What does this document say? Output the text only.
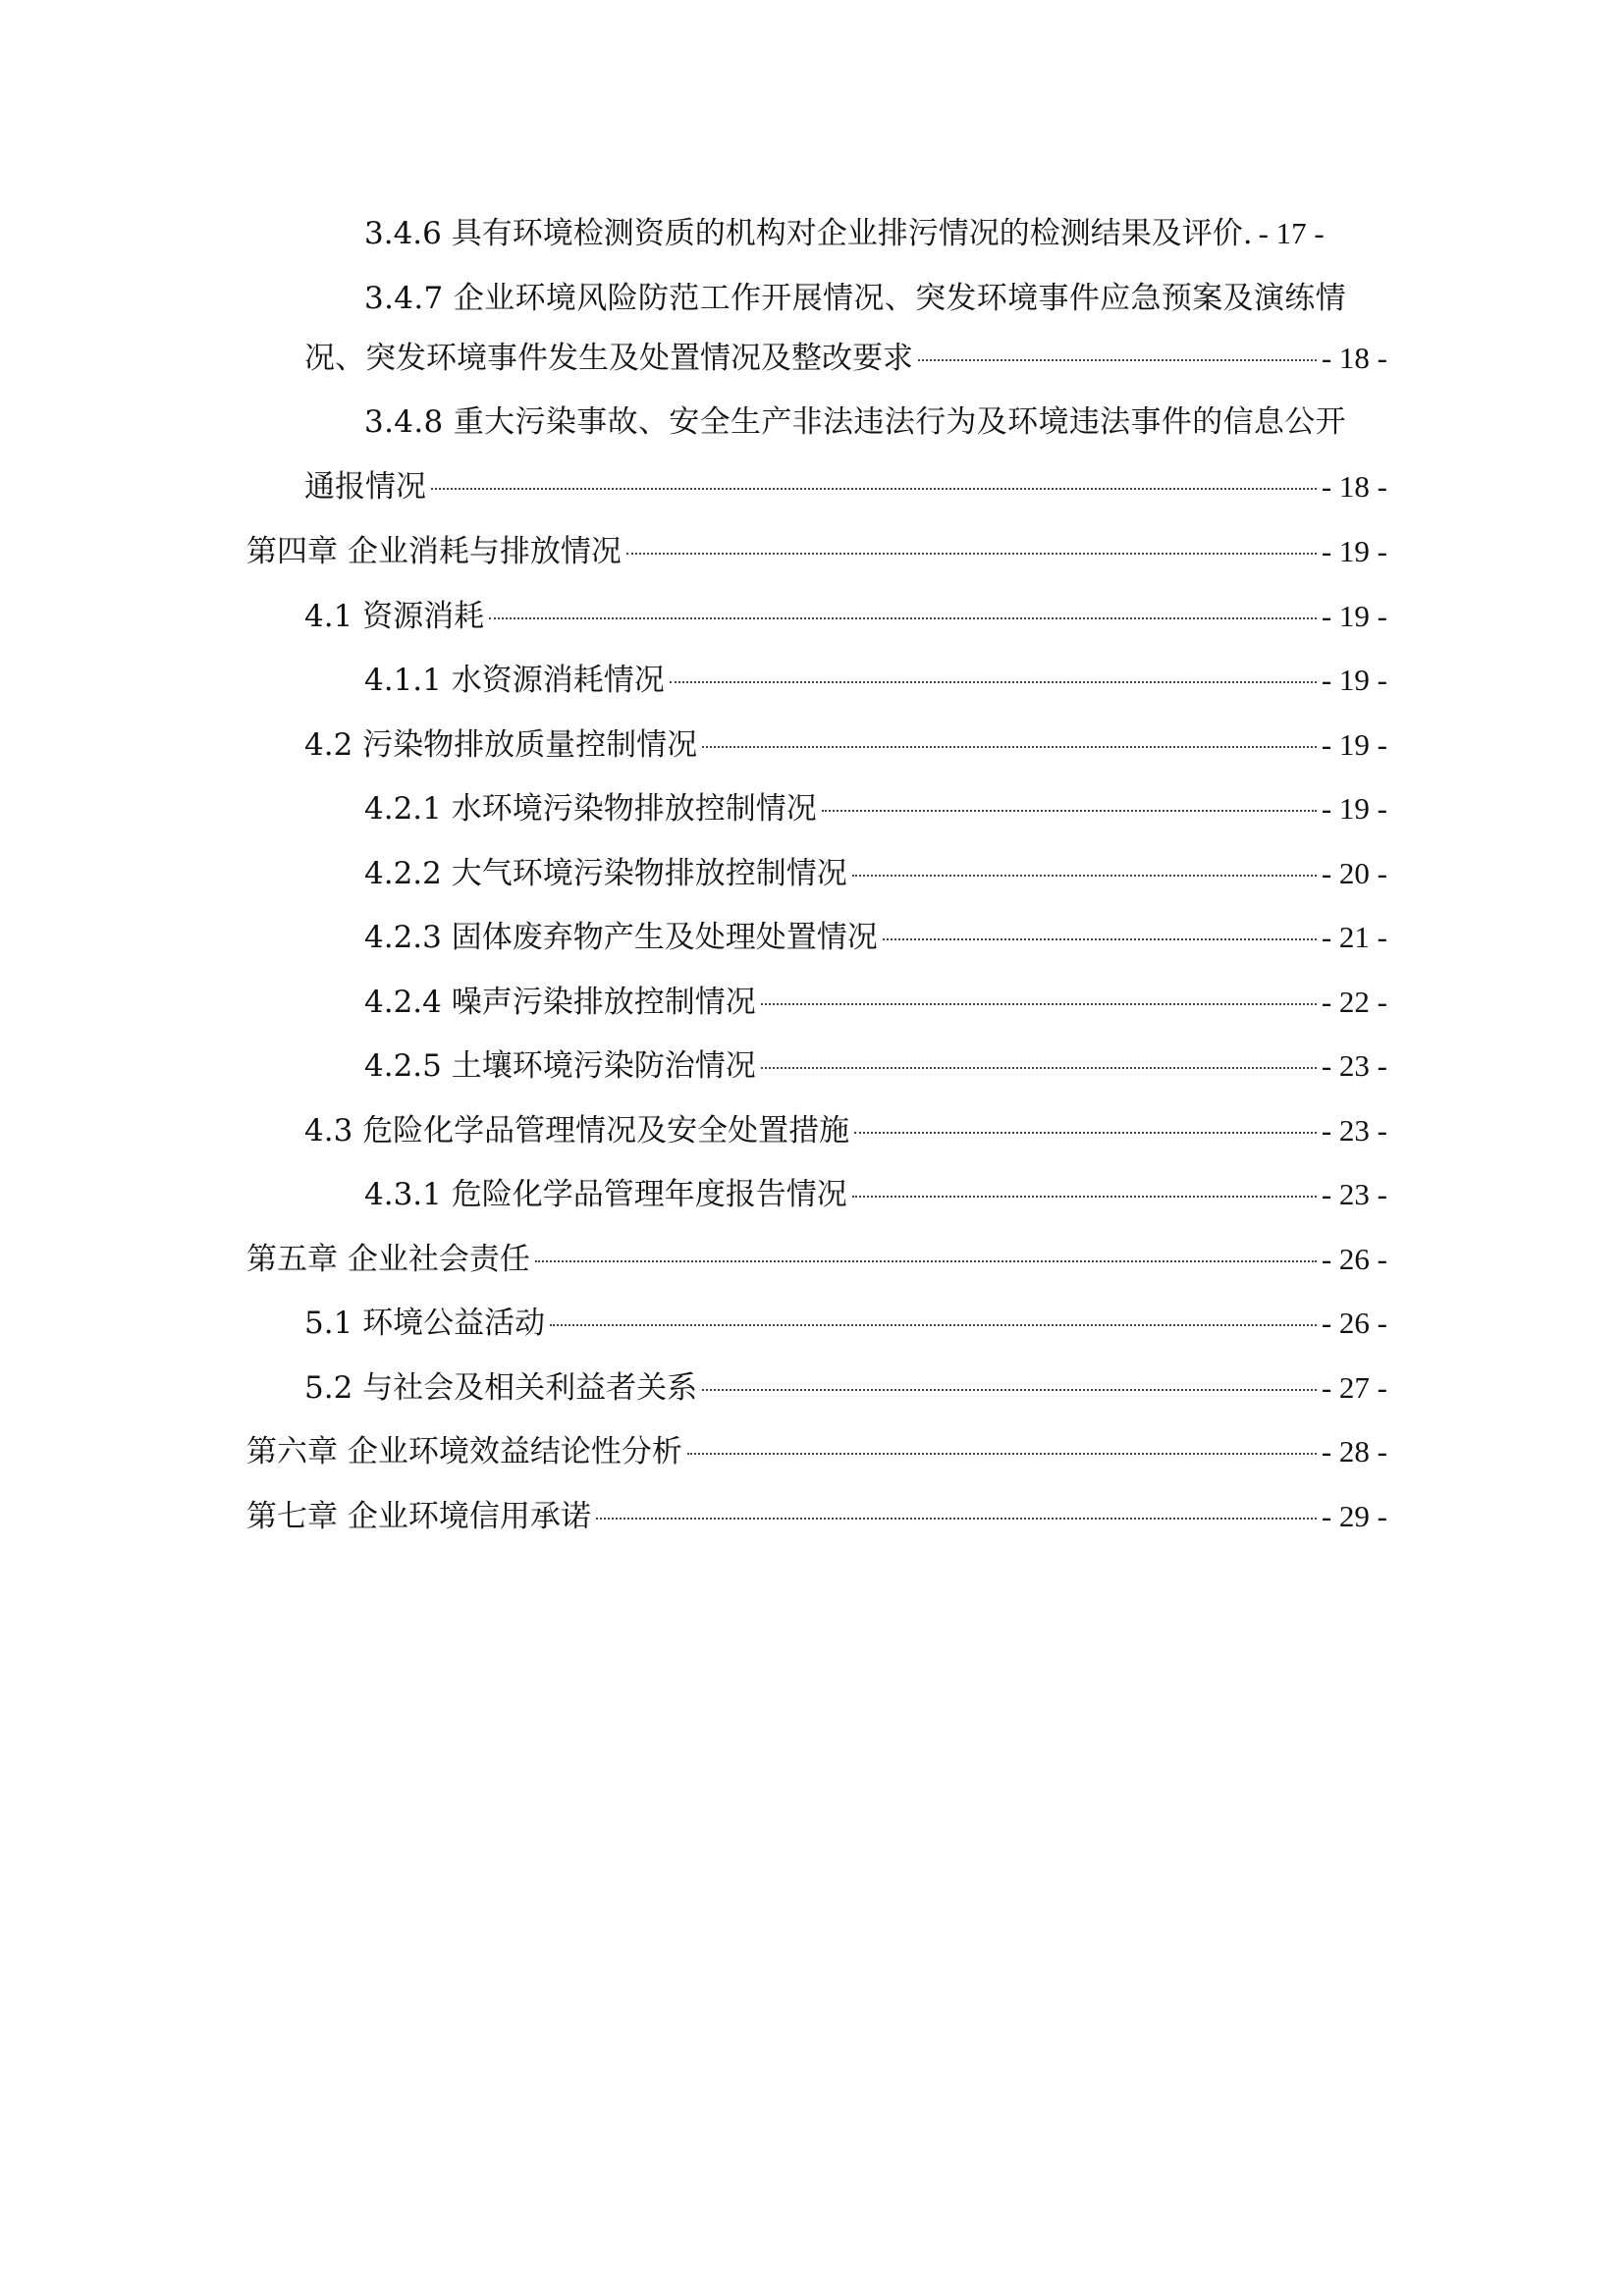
3.4.6 具有环境检测资质的机构对企业排污情况的检测结果及评价. - 17 -
3.4.7 企业环境风险防范工作开展情况、突发环境事件应急预案及演练情
况、突发环境事件发生及处置情况及整改要求	- 18 -
3.4.8 重大污染事故、安全生产非法违法行为及环境违法事件的信息公开
通报情况	- 18 -
第四章 企业消耗与排放情况	- 19 -
4.1 资源消耗	- 19 -
4.1.1 水资源消耗情况	- 19 -
4.2 污染物排放质量控制情况	- 19 -
4.2.1 水环境污染物排放控制情况	- 19 -
4.2.2 大气环境污染物排放控制情况	- 20 -
4.2.3 固体废弃物产生及处理处置情况	- 21 -
4.2.4 噪声污染排放控制情况	- 22 -
4.2.5 土壤环境污染防治情况	- 23 -
4.3 危险化学品管理情况及安全处置措施	- 23 -
4.3.1 危险化学品管理年度报告情况	- 23 -
第五章 企业社会责任	- 26 -
5.1 环境公益活动	- 26 -
5.2 与社会及相关利益者关系	- 27 -
第六章 企业环境效益结论性分析	- 28 -
第七章 企业环境信用承诺	- 29 -
